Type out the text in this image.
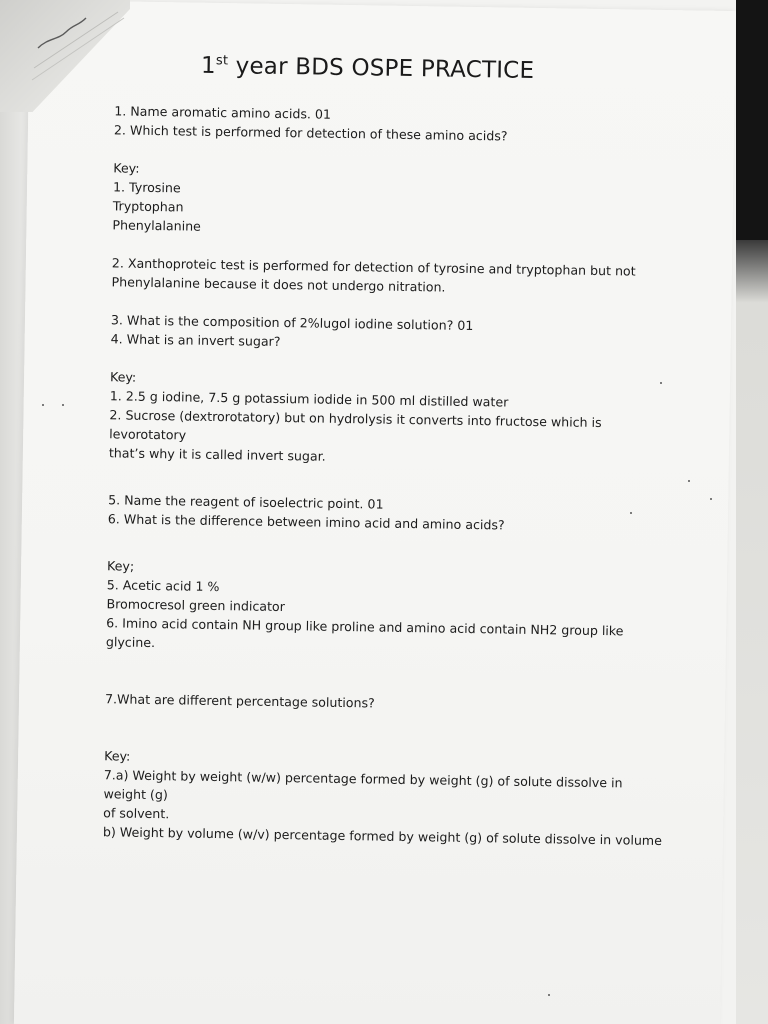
1st year BDS OSPE PRACTICE

1. Name aromatic amino acids. 01

2. Which test is performed for detection of these amino acids?

Key:

1. Tyrosine

Tryptophan

Phenylalanine

2. Xanthoproteic test is performed for detection of tyrosine and tryptophan but not

Phenylalanine because it does not undergo nitration.

3. What is the composition of 2%lugol iodine solution? 01

4. What is an invert sugar?

Key:

1. 2.5 g iodine, 7.5 g potassium iodide in 500 ml distilled water

2. Sucrose (dextrorotatory) but on hydrolysis it converts into fructose which is

levorotatory

that’s why it is called invert sugar.

5. Name the reagent of isoelectric point. 01

6. What is the difference between imino acid and amino acids?

Key;

5. Acetic acid 1 %

Bromocresol green indicator

6. Imino acid contain NH group like proline and amino acid contain NH2 group like

glycine.

7.What are different percentage solutions?

Key:

7.a) Weight by weight (w/w) percentage formed by weight (g) of solute dissolve in

weight (g)

of solvent.

b) Weight by volume (w/v) percentage formed by weight (g) of solute dissolve in volume
